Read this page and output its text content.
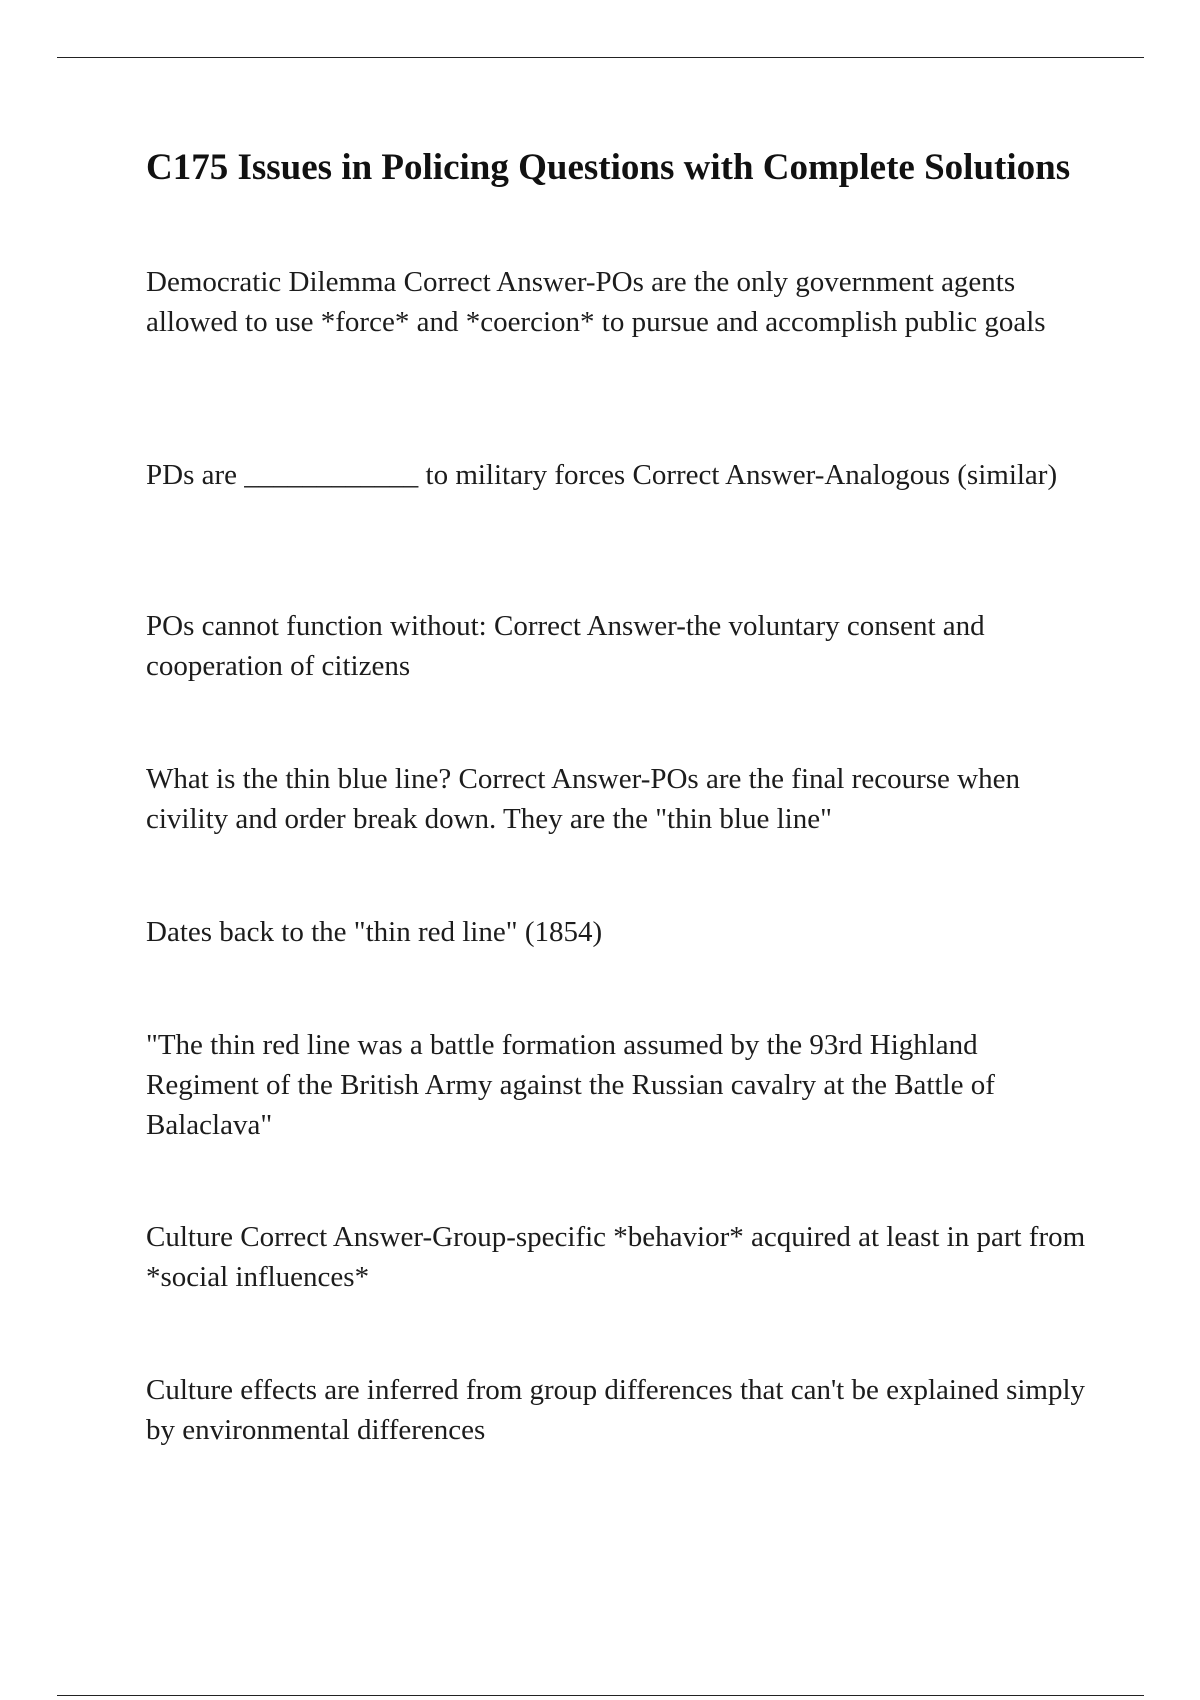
C175 Issues in Policing Questions with Complete Solutions

Democratic Dilemma Correct Answer-POs are the only government agents allowed to use *force* and *coercion* to pursue and accomplish public goals

PDs are ____________ to military forces Correct Answer-Analogous (similar)

POs cannot function without: Correct Answer-the voluntary consent and cooperation of citizens

What is the thin blue line? Correct Answer-POs are the final recourse when civility and order break down. They are the "thin blue line"

Dates back to the "thin red line" (1854)

"The thin red line was a battle formation assumed by the 93rd Highland Regiment of the British Army against the Russian cavalry at the Battle of Balaclava"

Culture Correct Answer-Group-specific *behavior* acquired at least in part from *social influences*

Culture effects are inferred from group differences that can't be explained simply by environmental differences
